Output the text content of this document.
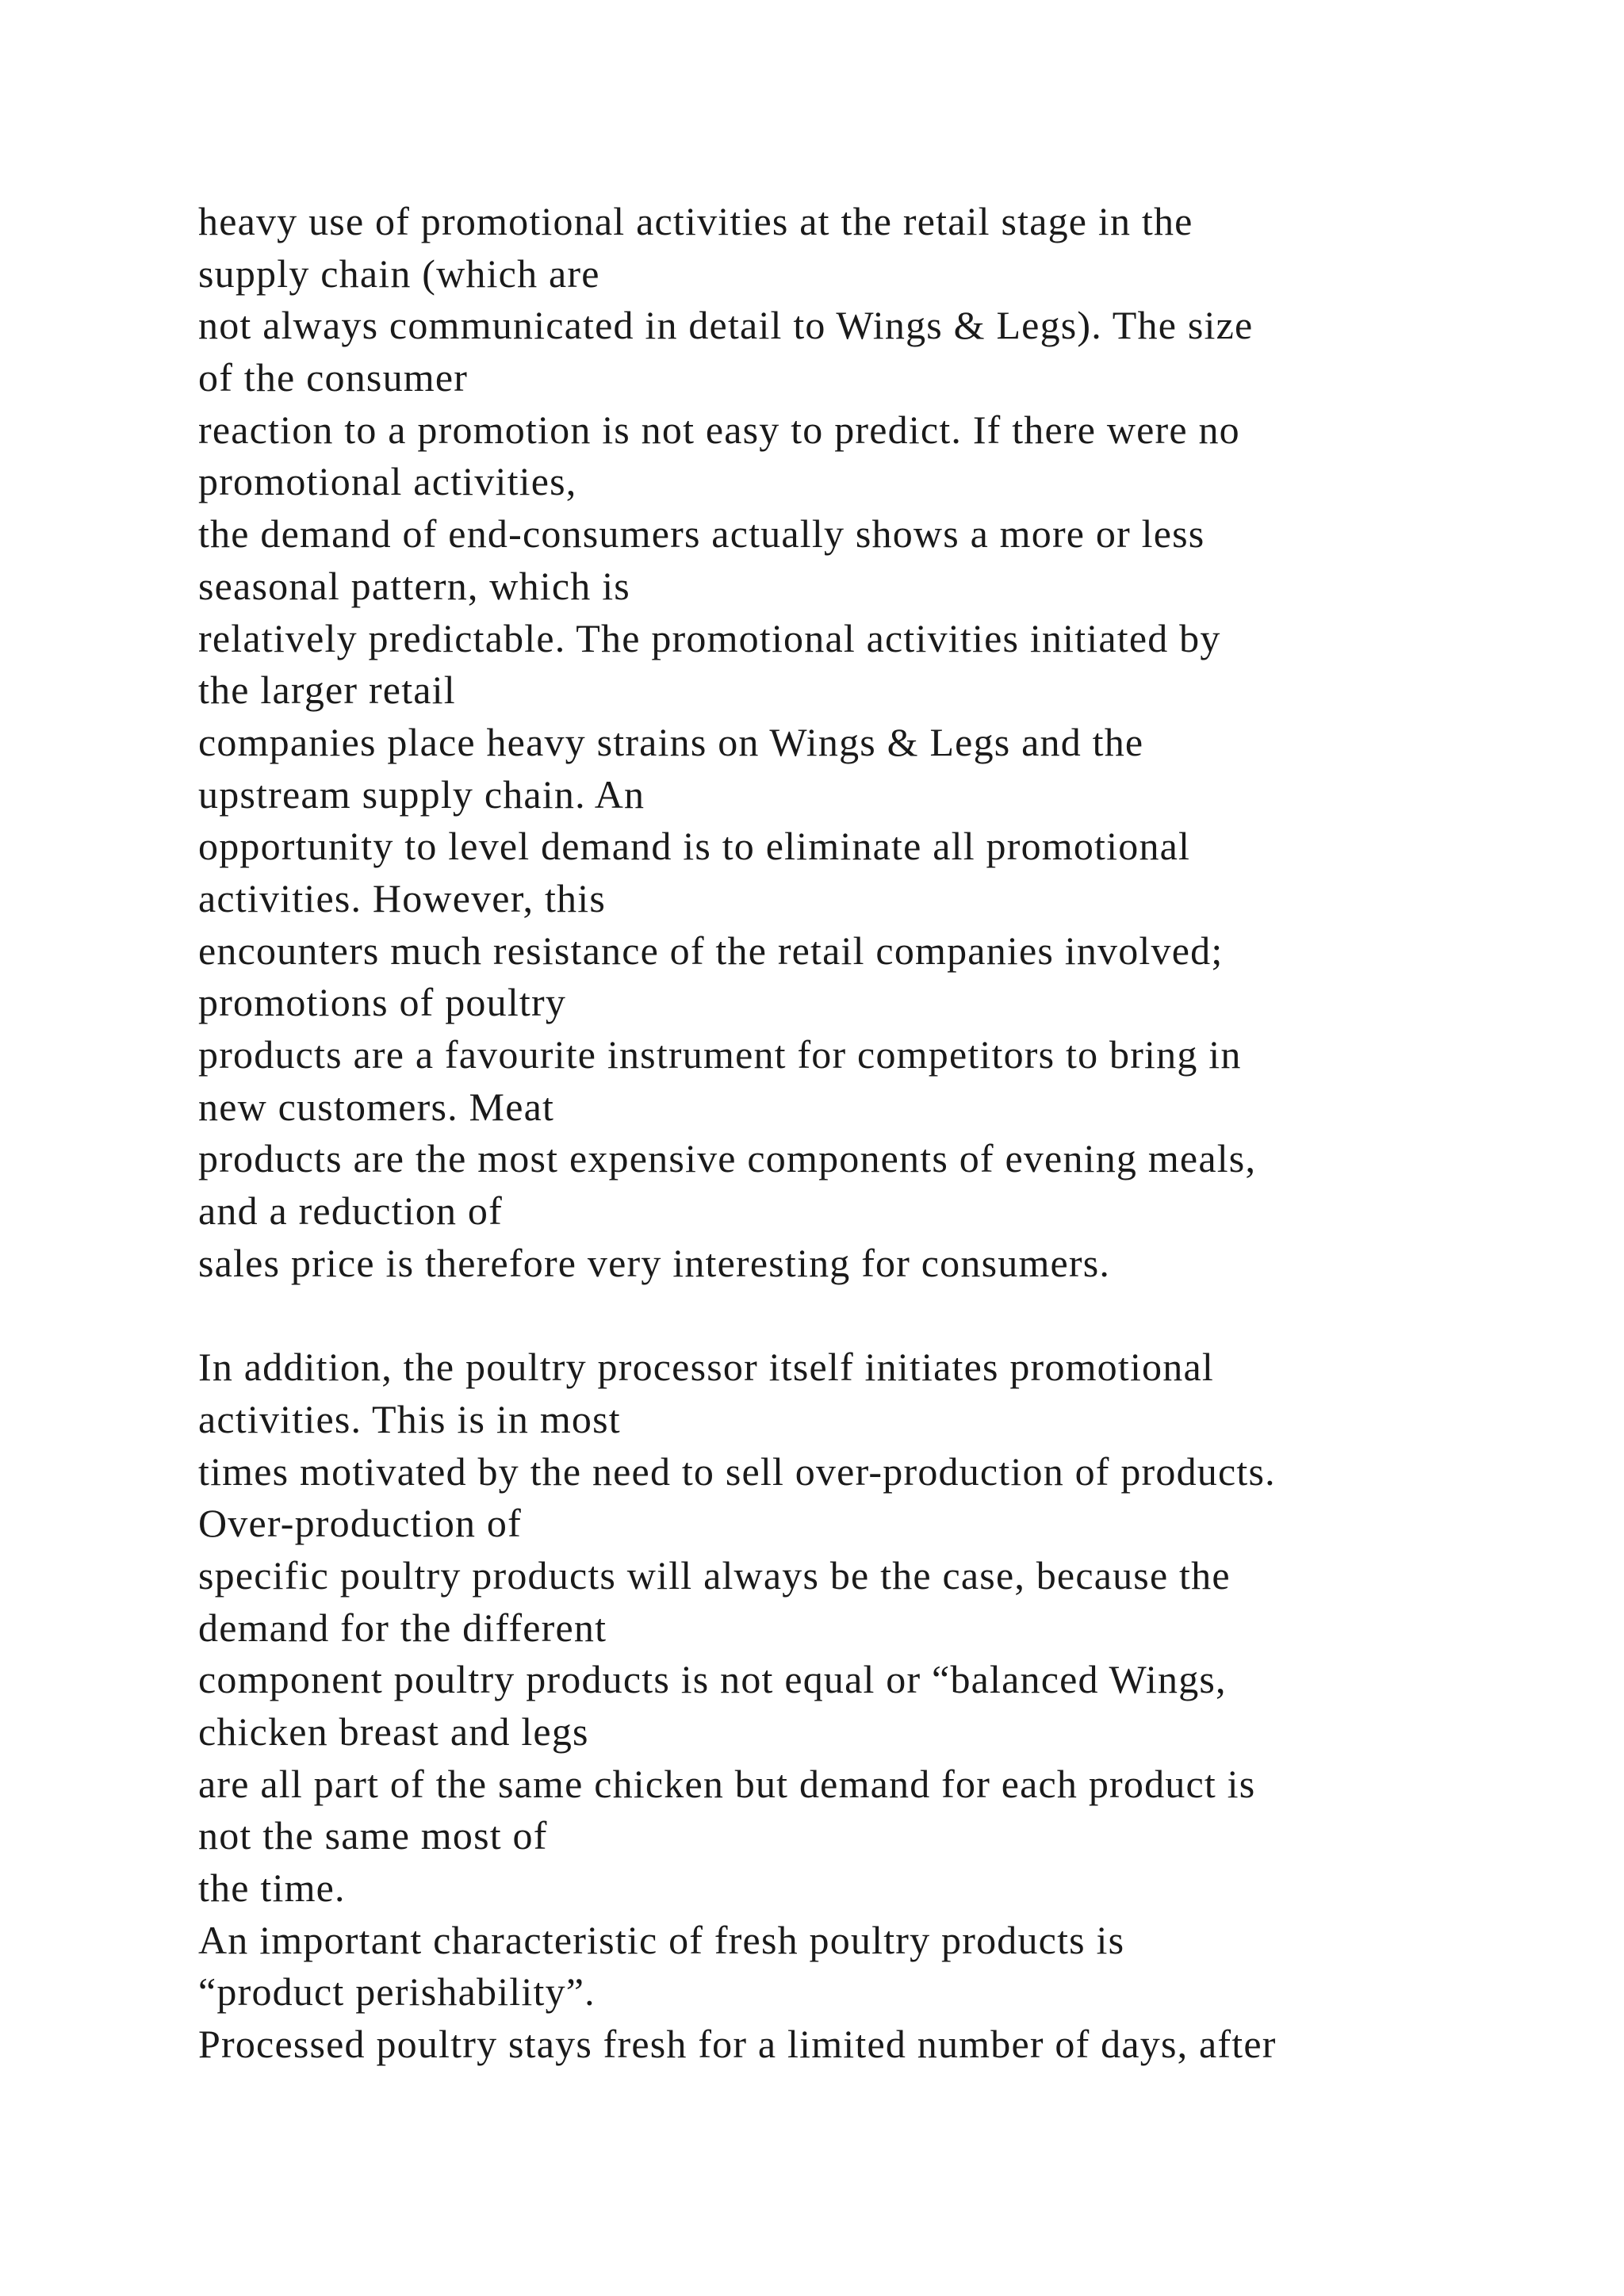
heavy use of promotional activities at the retail stage in the
supply chain (which are
not always communicated in detail to Wings & Legs). The size
of the consumer
reaction to a promotion is not easy to predict. If there were no
promotional activities,
the demand of end-consumers actually shows a more or less
seasonal pattern, which is
relatively predictable. The promotional activities initiated by
the larger retail
companies place heavy strains on Wings & Legs and the
upstream supply chain. An
opportunity to level demand is to eliminate all promotional
activities. However, this
encounters much resistance of the retail companies involved;
promotions of poultry
products are a favourite instrument for competitors to bring in
new customers. Meat
products are the most expensive components of evening meals,
and a reduction of
sales price is therefore very interesting for consumers.
In addition, the poultry processor itself initiates promotional
activities. This is in most
times motivated by the need to sell over-production of products.
Over-production of
specific poultry products will always be the case, because the
demand for the different
component poultry products is not equal or “balanced Wings,
chicken breast and legs
are all part of the same chicken but demand for each product is
not the same most of
the time.
An important characteristic of fresh poultry products is
“product perishability”.
Processed poultry stays fresh for a limited number of days, after
